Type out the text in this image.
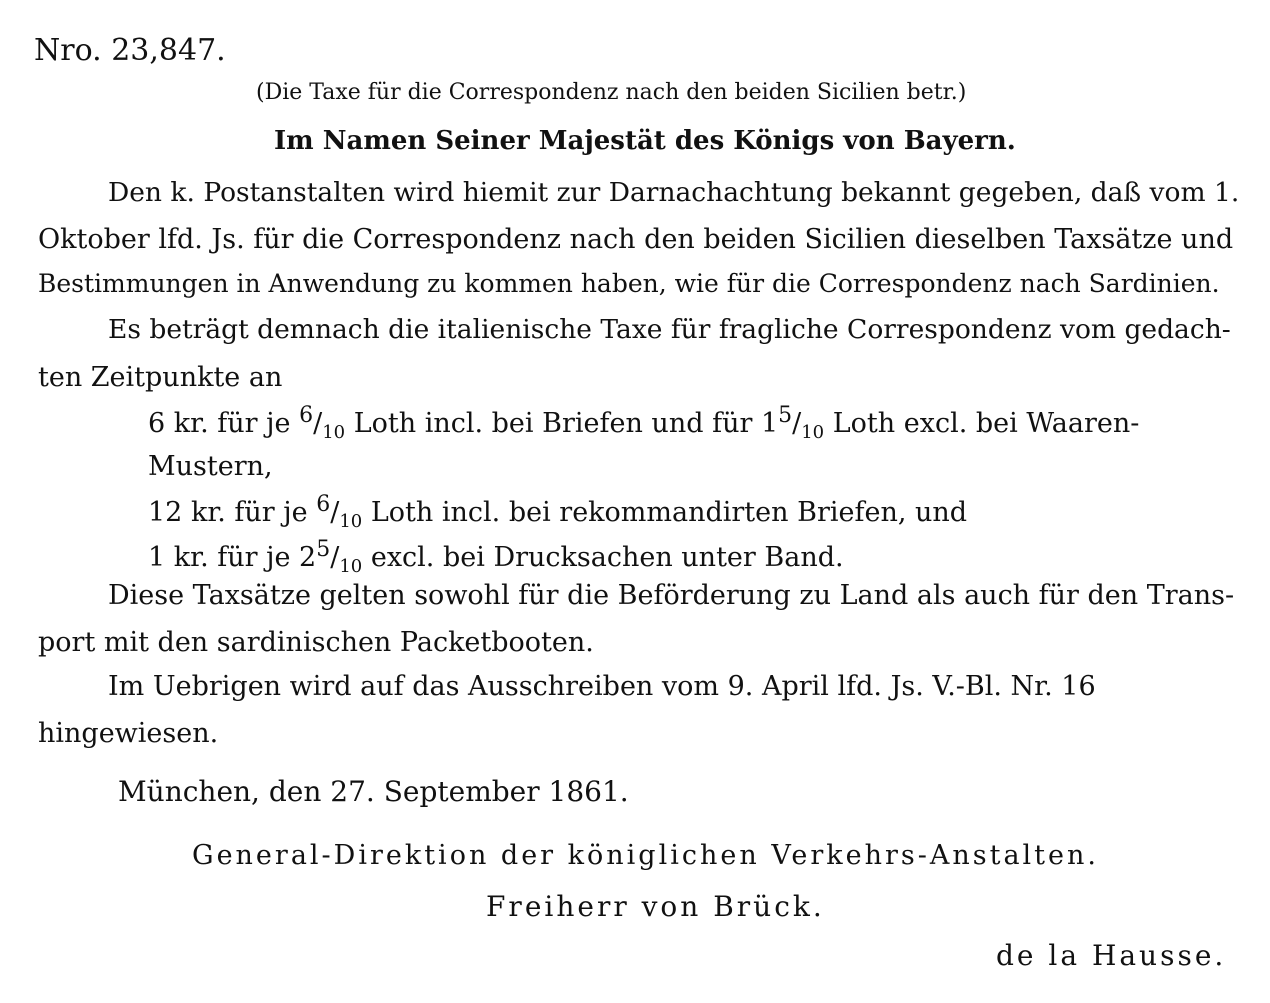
Nro. 23,847.
(Die Taxe für die Correspondenz nach den beiden Sicilien betr.)
Im Namen Seiner Majestät des Königs von Bayern.
Den k. Postanstalten wird hiemit zur Darnachachtung bekannt gegeben, daß vom 1.
Oktober lfd. Js. für die Correspondenz nach den beiden Sicilien dieselben Taxsätze und
Bestimmungen in Anwendung zu kommen haben, wie für die Correspondenz nach Sardinien.
Es beträgt demnach die italienische Taxe für fragliche Correspondenz vom gedach-
ten Zeitpunkte an
6 kr. für je $^6/_{10}$ Loth incl. bei Briefen und für $1^5/_{10}$ Loth excl. bei Waaren-
Mustern,
12 kr. für je $^6/_{10}$ Loth incl. bei rekommandirten Briefen, und
1 kr. für je $2^5/_{10}$ excl. bei Drucksachen unter Band.
Diese Taxsätze gelten sowohl für die Beförderung zu Land als auch für den Trans-
port mit den sardinischen Packetbooten.
Im Uebrigen wird auf das Ausschreiben vom 9. April lfd. Js. V.-Bl. Nr. 16
hingewiesen.
München, den 27. September 1861.
General-Direktion der königlichen Verkehrs-Anstalten.
Freiherr von Brück.
de la Hausse.
